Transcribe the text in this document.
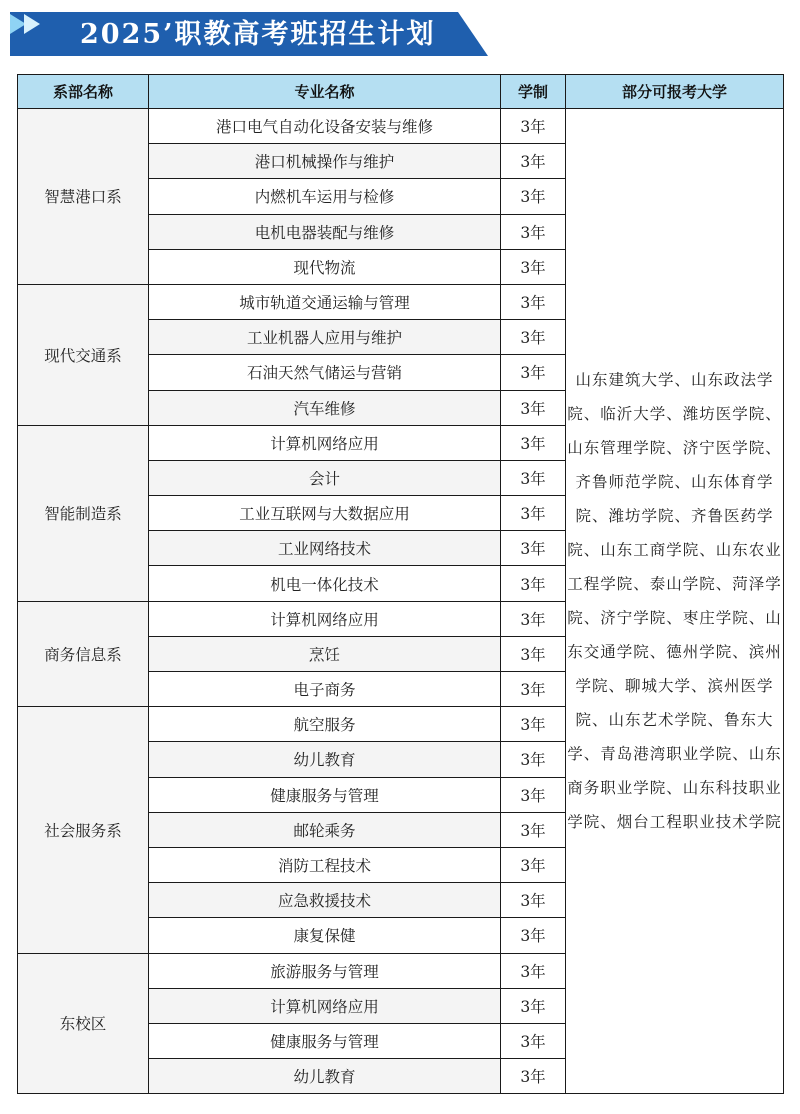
2025’职教高考班招生计划
系部名称	专业名称	学制	部分可报考大学
智慧港口系	港口电气自动化设备安装与维修	3年	山东建筑大学、山东政法学院、临沂大学、潍坊医学院、山东管理学院、济宁医学院、齐鲁师范学院、山东体育学院、潍坊学院、齐鲁医药学院、山东工商学院、山东农业工程学院、泰山学院、菏泽学院、济宁学院、枣庄学院、山东交通学院、德州学院、滨州学院、聊城大学、滨州医学院、山东艺术学院、鲁东大学、青岛港湾职业学院、山东商务职业学院、山东科技职业学院、烟台工程职业技术学院
	港口机械操作与维护	3年	
	内燃机车运用与检修	3年	
	电机电器装配与维修	3年	
	现代物流	3年	
现代交通系	城市轨道交通运输与管理	3年	
	工业机器人应用与维护	3年	
	石油天然气储运与营销	3年	
	汽车维修	3年	
智能制造系	计算机网络应用	3年	
	会计	3年	
	工业互联网与大数据应用	3年	
	工业网络技术	3年	
	机电一体化技术	3年	
商务信息系	计算机网络应用	3年	
	烹饪	3年	
	电子商务	3年	
社会服务系	航空服务	3年	
	幼儿教育	3年	
	健康服务与管理	3年	
	邮轮乘务	3年	
	消防工程技术	3年	
	应急救援技术	3年	
	康复保健	3年	
东校区	旅游服务与管理	3年	
	计算机网络应用	3年	
	健康服务与管理	3年	
	幼儿教育	3年	
